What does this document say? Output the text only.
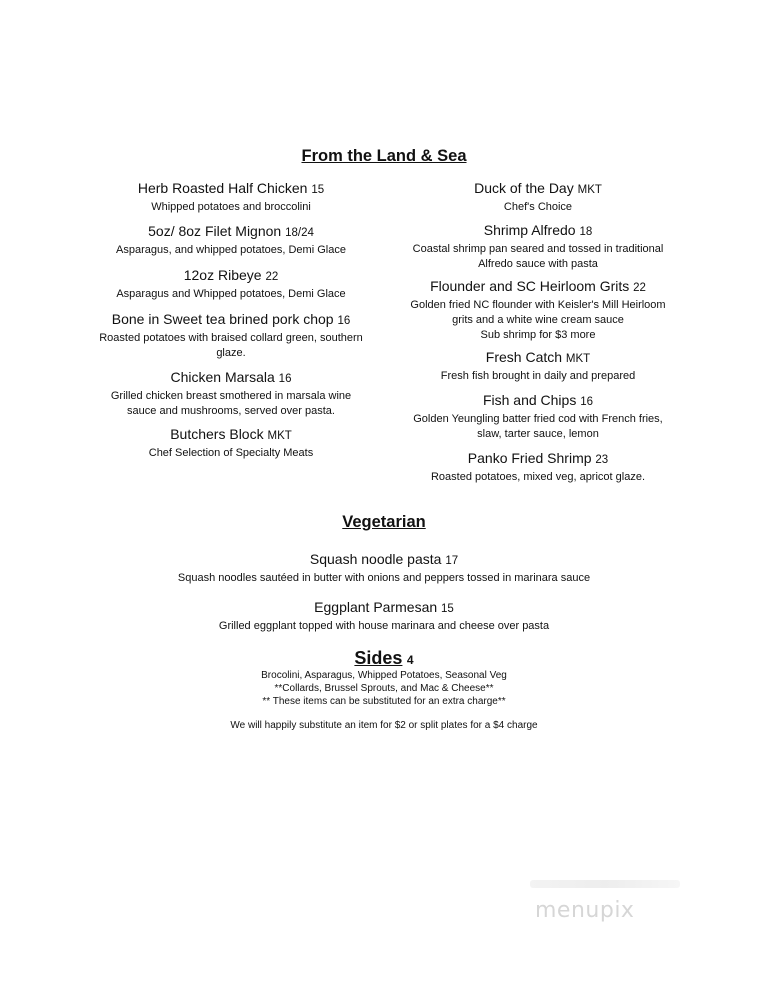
From the Land & Sea
Herb Roasted Half Chicken 15
Whipped potatoes and broccolini
5oz/ 8oz Filet Mignon 18/24
Asparagus, and whipped potatoes, Demi Glace
12oz Ribeye 22
Asparagus and Whipped potatoes, Demi Glace
Bone in Sweet tea brined pork chop 16
Roasted potatoes with braised collard green, southern
glaze.
Chicken Marsala 16
Grilled chicken breast smothered in marsala wine
sauce and mushrooms, served over pasta.
Butchers Block MKT
Chef Selection of Specialty Meats
Duck of the Day MKT
Chef's Choice
Shrimp Alfredo 18
Coastal shrimp pan seared and tossed in traditional
Alfredo sauce with pasta
Flounder and SC Heirloom Grits 22
Golden fried NC flounder with Keisler's Mill Heirloom
grits and a white wine cream sauce
Sub shrimp for $3 more
Fresh Catch MKT
Fresh fish brought in daily and prepared
Fish and Chips 16
Golden Yeungling batter fried cod with French fries,
slaw, tarter sauce, lemon
Panko Fried Shrimp 23
Roasted potatoes, mixed veg, apricot glaze.
Vegetarian
Squash noodle pasta 17
Squash noodles sautéed in butter with onions and peppers tossed in marinara sauce
Eggplant Parmesan 15
Grilled eggplant topped with house marinara and cheese over pasta
Sides 4
Brocolini, Asparagus, Whipped Potatoes, Seasonal Veg
**Collards, Brussel Sprouts, and Mac & Cheese**
** These items can be substituted for an extra charge**
We will happily substitute an item for $2 or split plates for a $4 charge
menupix
